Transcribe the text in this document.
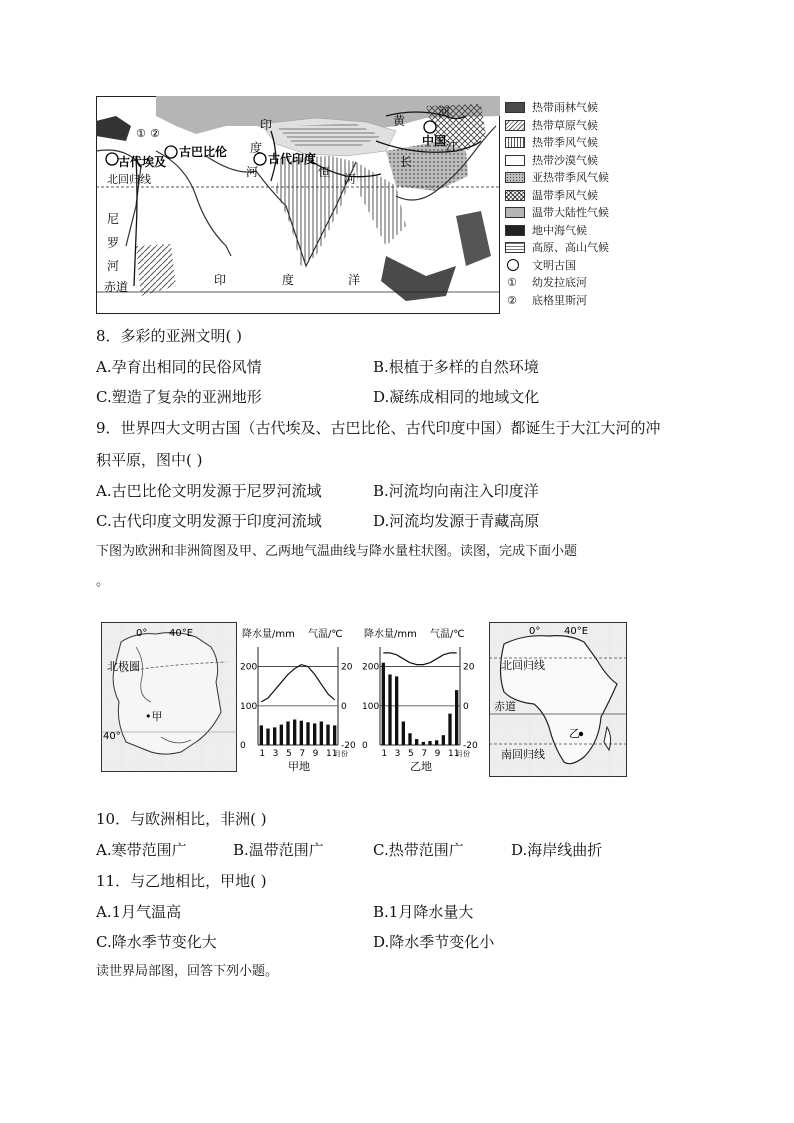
古代埃及
古巴比伦	古代印度
中国
北回归线
① ②
尼
罗
河
赤道	印	度	洋
印
度
河	恒 河
黄
河
长
江
热带雨林气候
热带草原气候
热带季风气候
热带沙漠气候
亚热带季风气候
温带季风气候
温带大陆性气候
地中海气候
高原、高山气候
文明古国
① 幼发拉底河
② 底格里斯河
8．多彩的亚洲文明( )
A.孕育出相同的民俗风情	B.根植于多样的自然环境
C.塑造了复杂的亚洲地形	D.凝练成相同的地域文化
9．世界四大文明古国（古代埃及、古巴比伦、古代印度中国）都诞生于大江大河的冲
积平原，图中( )
A.古巴比伦文明发源于尼罗河流域	B.河流均向南注入印度洋
C.古代印度文明发源于印度河流域	D.河流均发源于青藏高原
下图为欧洲和非洲简图及甲、乙两地气温曲线与降水量柱状图。读图，完成下面小题
。
0° 40°E
北极圈
•甲
40°
降水量/mm 气温/℃
200
100
0
20
0
-20
1 3 5 7 9 11
月份
甲地
降水量/mm 气温/℃
200
100
0
20
0
-20
1 3 5 7 9 11
月份
乙地
0° 40°E
北回归线
赤道
南回归线
乙
10．与欧洲相比，非洲( )
A.寒带范围广	B.温带范围广	C.热带范围广	D.海岸线曲折
11．与乙地相比，甲地( )
A.1月气温高	B.1月降水量大
C.降水季节变化大	D.降水季节变化小
读世界局部图，回答下列小题。
